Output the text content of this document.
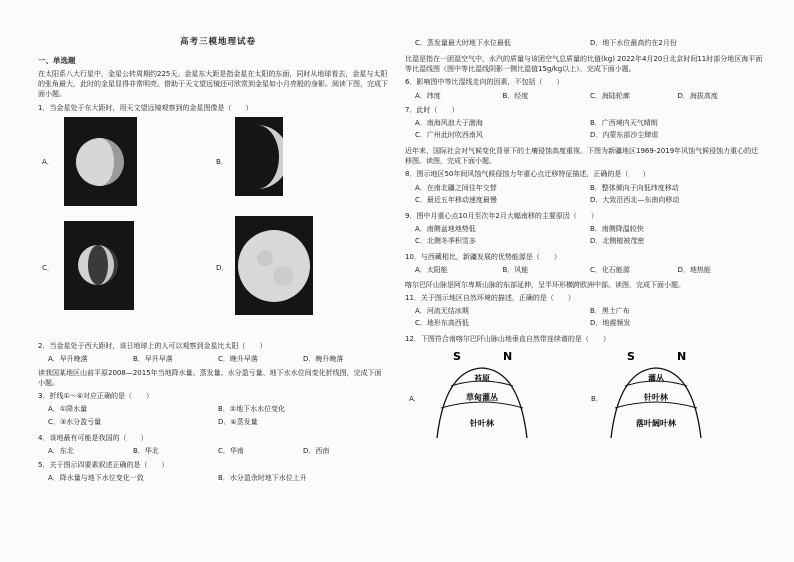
高考三模地理试卷
一、单选题

在太阳系八大行星中，金星公转周期约225天。金星东大距是指金星在太阳的东面，同时从地球看去，金星与太阳的张角最大，此时的金星显得非常明亮。借助于天文望远镜还可欣赏到金星如小月亮般的身影。阅读下图，完成下面小题。

1．当金星处于东大距时，用天文望远镜观察到的金星图像是（　　）

A．	B．
C．	D．

2．当金星处于西大距时，该日地球上的人可以观察到金星比太阳（　　）

A．早升晚落	B．早升早落	C．晚升早落	D．晚升晚落

读我国某地区山前平原2008—2015年当地降水量、蒸发量、水分盈亏量、地下水水位间变化折线图，完成下面小题。

3．折线①～④对应正确的是（　　）

A．①降水量	B．②地下水水位变化
C．③水分盈亏量	D．④蒸发量

4．该地最有可能是我国的（　　）

A．东北	B．华北	C．华南	D．西南

5．关于图示四要素叙述正确的是（　　）

A．降水量与地下水位变化一致	B．水分盈余时地下水位上升
C．蒸发量最大时地下水位最低	D．地下水位最高约在2月份

比湿是指在一团湿空气中，水汽的质量与该团空气总质量的比值(kg) 2022年4月20日北京时间11时部分地区海平面等比湿线图（图中等比湿线阴影一侧比湿值15g/kg以上），完成下面小题。

6．影响图中等比湿线走向的因素，不包括（　　）

A．纬度	B．经度	C．海陆轮廓	D．海拔高度

7．此时（　　）

A．南海风浪大于渤海	B．广西境内天气晴朗
C．广州此时吹西南风	D．内蒙东部沙尘肆虐

近年来，国际社会对气候变化背景下的土壤侵蚀高度重视。下图为新疆地区1969-2019年风蚀气候侵蚀力重心的迁移图。读图，完成下面小题。

8．图示地区50年间风蚀气候侵蚀力年重心点迁移特征描述，正确的是（　　）

A．在南北疆之间往年交替	B．整体倾向于向低纬度移动
C．最近五年移动速度最慢	D．大致沿西北—东南向移动

9．图中月重心点10月至次年2月大幅南移的主要原因（　　）

A．南侧盆地地势低	B．南侧降温较快
C．北侧冬季积雪多	D．北侧植被茂密

10．与西藏相比，新疆发展的优势能源是（　　）

A．太阳能	B．风能	C．化石能源	D．地热能

喀尔巴阡山脉是阿尔卑斯山脉的东部延伸，呈半环形横跨欧洲中部。读图，完成下面小题。

11．关于图示地区自然环境的描述，正确的是（　　）

A．河流无结冰期	B．黑土广布
C．地形东高西低	D．地震频发

12．下图符合南喀尔巴阡山脉山地垂直自然带连续谱的是（　　）

A．
S	N
苔原
草甸灌丛
针叶林
B．
S	N
灌丛
针叶林
落叶阔叶林
